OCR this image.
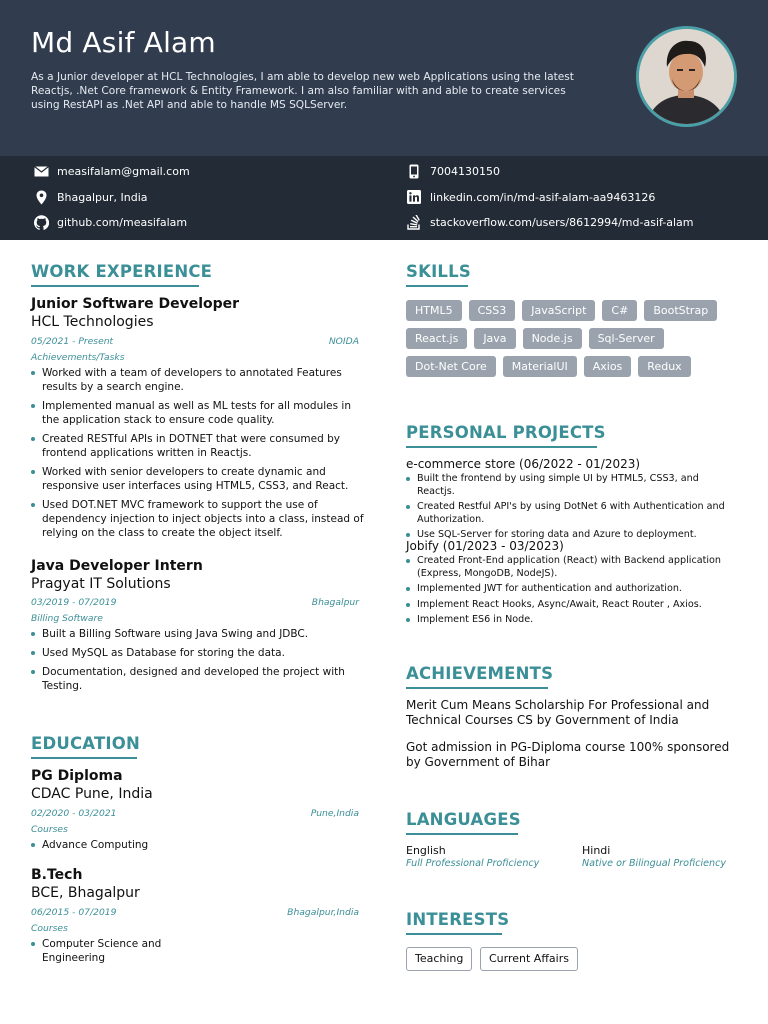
Md Asif Alam
As a Junior developer at HCL Technologies, I am able to develop new web Applications using the latest Reactjs, .Net Core framework & Entity Framework. I am also familiar with and able to create services using RestAPI as .Net API and able to handle MS SQLServer.
measifalam@gmail.com	7004130150
Bhagalpur, India	linkedin.com/in/md-asif-alam-aa9463126
github.com/measifalam	stackoverflow.com/users/8612994/md-asif-alam
WORK EXPERIENCE
Junior Software Developer
HCL Technologies
05/2021 - Present	NOIDA
Achievements/Tasks
Worked with a team of developers to annotated Features results by a search engine.
Implemented manual as well as ML tests for all modules in the application stack to ensure code quality.
Created RESTful APIs in DOTNET that were consumed by frontend applications written in Reactjs.
Worked with senior developers to create dynamic and responsive user interfaces using HTML5, CSS3, and React.
Used DOT.NET MVC framework to support the use of dependency injection to inject objects into a class, instead of relying on the class to create the object itself.
Java Developer Intern
Pragyat IT Solutions
03/2019 - 07/2019	Bhagalpur
Billing Software
Built a Billing Software using Java Swing and JDBC.
Used MySQL as Database for storing the data.
Documentation, designed and developed the project with Testing.
EDUCATION
PG Diploma
CDAC Pune, India
02/2020 - 03/2021	Pune,India
Courses
Advance Computing
B.Tech
BCE, Bhagalpur
06/2015 - 07/2019	Bhagalpur,India
Courses
Computer Science and Engineering
SKILLS
HTML5	CSS3	JavaScript	C#	BootStrap
React.js	Java	Node.js	Sql-Server
Dot-Net Core	MaterialUI	Axios	Redux
PERSONAL PROJECTS
e-commerce store (06/2022 - 01/2023)
Built the frontend by using simple UI by HTML5, CSS3, and Reactjs.
Created Restful API's by using DotNet 6 with Authentication and Authorization.
Use SQL-Server for storing data and Azure to deployment.
Jobify (01/2023 - 03/2023)
Created Front-End application (React) with Backend application (Express, MongoDB, NodeJS).
Implemented JWT for authentication and authorization.
Implement React Hooks, Async/Await, React Router , Axios.
Implement ES6 in Node.
ACHIEVEMENTS
Merit Cum Means Scholarship For Professional and Technical Courses CS by Government of India
Got admission in PG-Diploma course 100% sponsored by Government of Bihar
LANGUAGES
English
Full Professional Proficiency
Hindi
Native or Bilingual Proficiency
INTERESTS
Teaching	Current Affairs
